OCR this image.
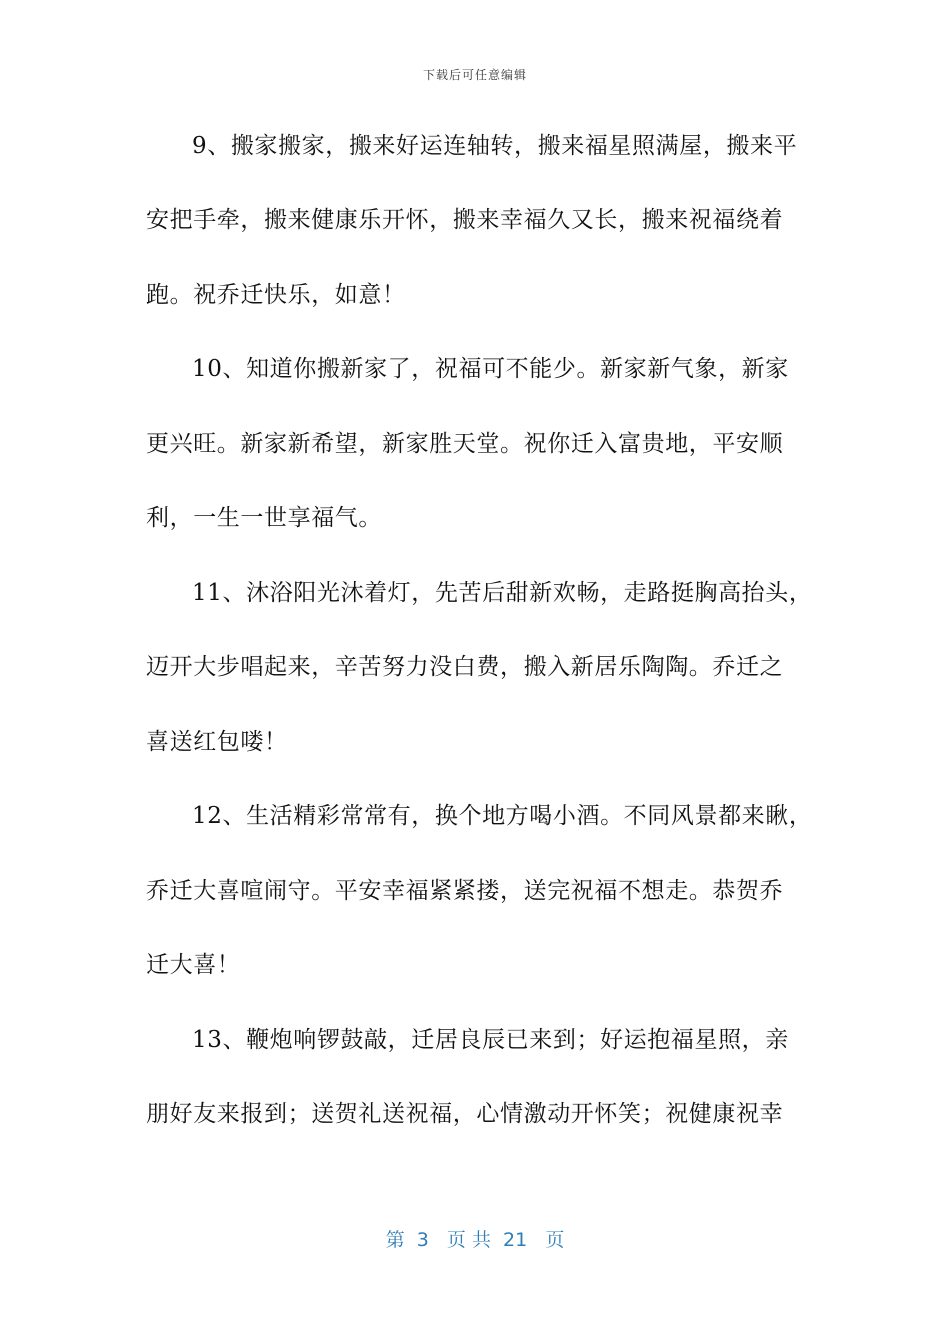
下载后可任意编辑
9、搬家搬家，搬来好运连轴转，搬来福星照满屋，搬来平
安把手牵，搬来健康乐开怀，搬来幸福久又长，搬来祝福绕着
跑。祝乔迁快乐，如意！
10、知道你搬新家了，祝福可不能少。新家新气象，新家
更兴旺。新家新希望，新家胜天堂。祝你迁入富贵地，平安顺
利，一生一世享福气。
11、沐浴阳光沐着灯，先苦后甜新欢畅，走路挺胸高抬头，
迈开大步唱起来，辛苦努力没白费，搬入新居乐陶陶。乔迁之
喜送红包喽！
12、生活精彩常常有，换个地方喝小酒。不同风景都来瞅，
乔迁大喜喧闹守。平安幸福紧紧搂，送完祝福不想走。恭贺乔
迁大喜！
13、鞭炮响锣鼓敲，迁居良辰已来到；好运抱福星照，亲
朋好友来报到；送贺礼送祝福，心情激动开怀笑；祝健康祝幸
第  3   页 共  21   页
